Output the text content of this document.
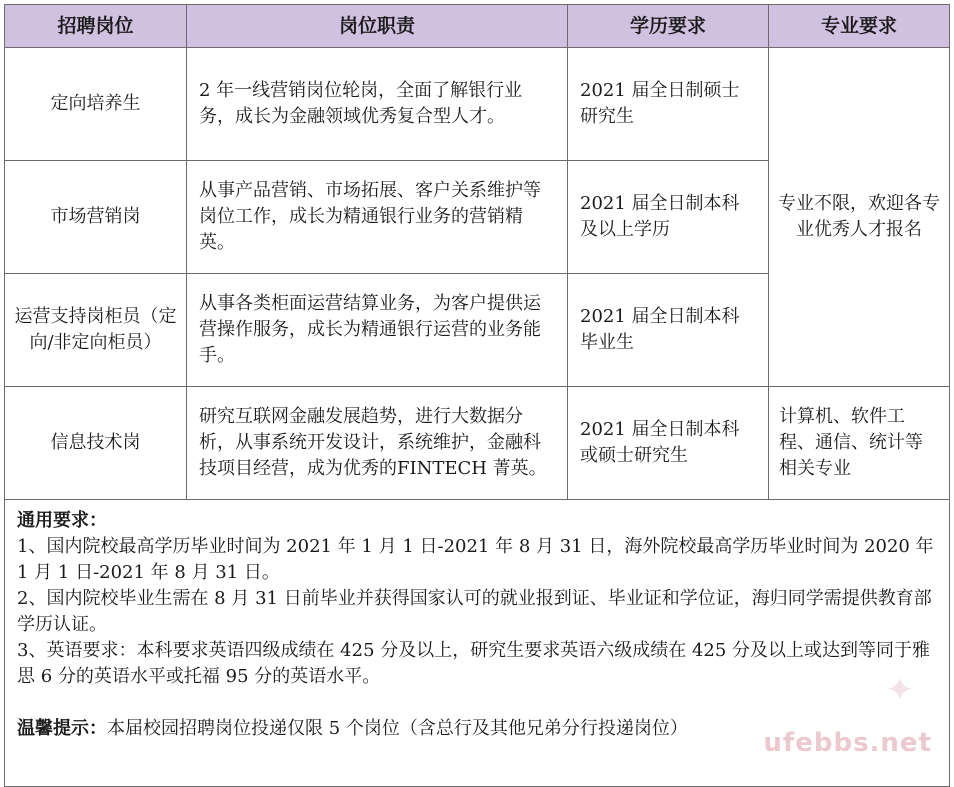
招聘岗位	岗位职责	学历要求	专业要求
定向培养生	2 年一线营销岗位轮岗，全面了解银行业务，成长为金融领域优秀复合型人才。	2021 届全日制硕士研究生	专业不限，欢迎各专业优秀人才报名
市场营销岗	从事产品营销、市场拓展、客户关系维护等岗位工作，成长为精通银行业务的营销精英。	2021 届全日制本科及以上学历	
运营支持岗柜员（定向/非定向柜员）	从事各类柜面运营结算业务，为客户提供运营操作服务，成长为精通银行运营的业务能手。	2021 届全日制本科毕业生	
信息技术岗	研究互联网金融发展趋势，进行大数据分析，从事系统开发设计，系统维护，金融科技项目经营，成为优秀的FINTECH 菁英。	2021 届全日制本科或硕士研究生	计算机、软件工程、通信、统计等相关专业

通用要求：

1、国内院校最高学历毕业时间为 2021 年 1 月 1 日-2021 年 8 月 31 日，海外院校最高学历毕业时间为 2020 年 1 月 1 日-2021 年 8 月 31 日。

2、国内院校毕业生需在 8 月 31 日前毕业并获得国家认可的就业报到证、毕业证和学位证，海归同学需提供教育部学历认证。

3、英语要求：本科要求英语四级成绩在 425 分及以上，研究生要求英语六级成绩在 425 分及以上或达到等同于雅思 6 分的英语水平或托福 95 分的英语水平。

温馨提示：本届校园招聘岗位投递仅限 5 个岗位（含总行及其他兄弟分行投递岗位）			

✦
ufebbs.net
